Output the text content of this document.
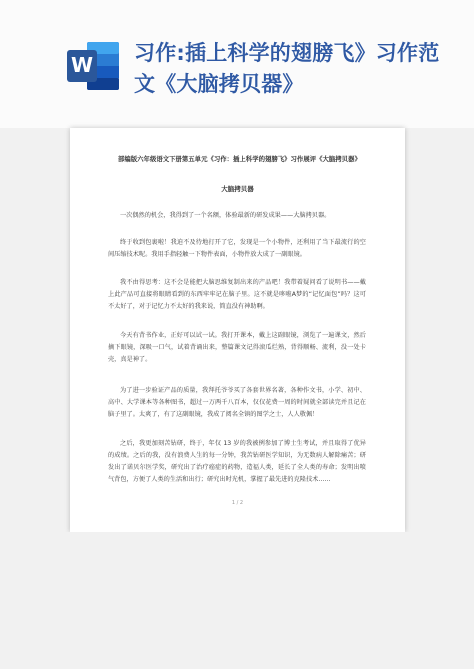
W 习作:插上科学的翅膀飞》习作范文《大脑拷贝器》
部编版六年级语文下册第五单元《习作：插上科学的翅膀飞》习作展评《大脑拷贝器》
大脑拷贝器

一次偶然的机会，我得到了一个名额，体验最新的研发成果——大脑拷贝器。

终于收到包裹啦！我迫不及待地打开了它，发现是一个小物件，还利用了当下最流行的空间压缩技术呢。我用手指轻触一下物件表面，小物件放大成了一副眼镜。

我不由得思考：这不会是能把大脑思维复制出来的产品吧！我带着疑问看了说明书——戴上此产品可直接将眼睛看到的东西牢牢记在脑子里。这不就是哆啦A梦的“记忆面包”吗？这可不太好了，对于记忆力不太好的我来说，简直没有神助啊。

今天有背书作业，正好可以试一试。我打开课本，戴上这副眼镜，浏览了一遍课文，然后摘下眼镜，深吸一口气，试着背诵出来，整篇课文记得滚瓜烂熟，背得顺畅、流利，没一处卡壳，真是神了。

为了进一步验证产品的质量，我拜托爷爷买了各套世界名著，各种作文书，小学、初中、高中、大学课本等各种图书，超过一万两千八百本，仅仅花费一周的时间就全部读完并且记在脑子里了。太爽了，有了这副眼镜，我成了阅名全镇的图学之士，人人敬佩！

之后，我更加刻苦钻研，终于，年仅 13 岁的我被例参加了博士生考试，并且取得了优异的成绩。之后的我，没有浪费人生的每一分钟，我苦钻研医学知识，为无数病人解除痛苦；研发出了诺贝尔医学奖，研究出了治疗癌症的药物，造福人类，延长了全人类的寿命；发明出喷气背包，方便了人类的生活和出行；研究出时光机，掌握了最先进的克隆技术……

1 / 2
